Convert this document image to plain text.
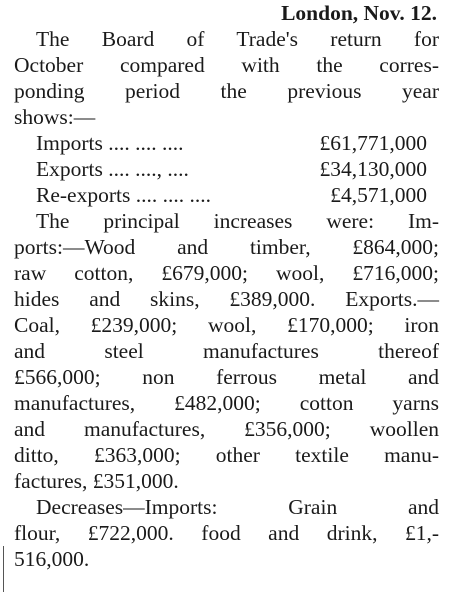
London, Nov. 12.
The Board of Trade's return for
October compared with the corres-
ponding period the previous year
shows:—
Imports .... .... ....	£61,771,000
Exports .... ...., ....	£34,130,000
Re-exports .... .... ....	£4,571,000
The principal increases were: Im-
ports:—Wood and timber, £864,000;
raw cotton, £679,000; wool, £716,000;
hides and skins, £389,000. Exports.—
Coal, £239,000; wool, £170,000; iron
and steel manufactures thereof
£566,000; non ferrous metal and
manufactures, £482,000; cotton yarns
and manufactures, £356,000; woollen
ditto, £363,000; other textile manu-
factures, £351,000.
Decreases—Imports: Grain and
flour, £722,000. food and drink, £1,-
516,000.
